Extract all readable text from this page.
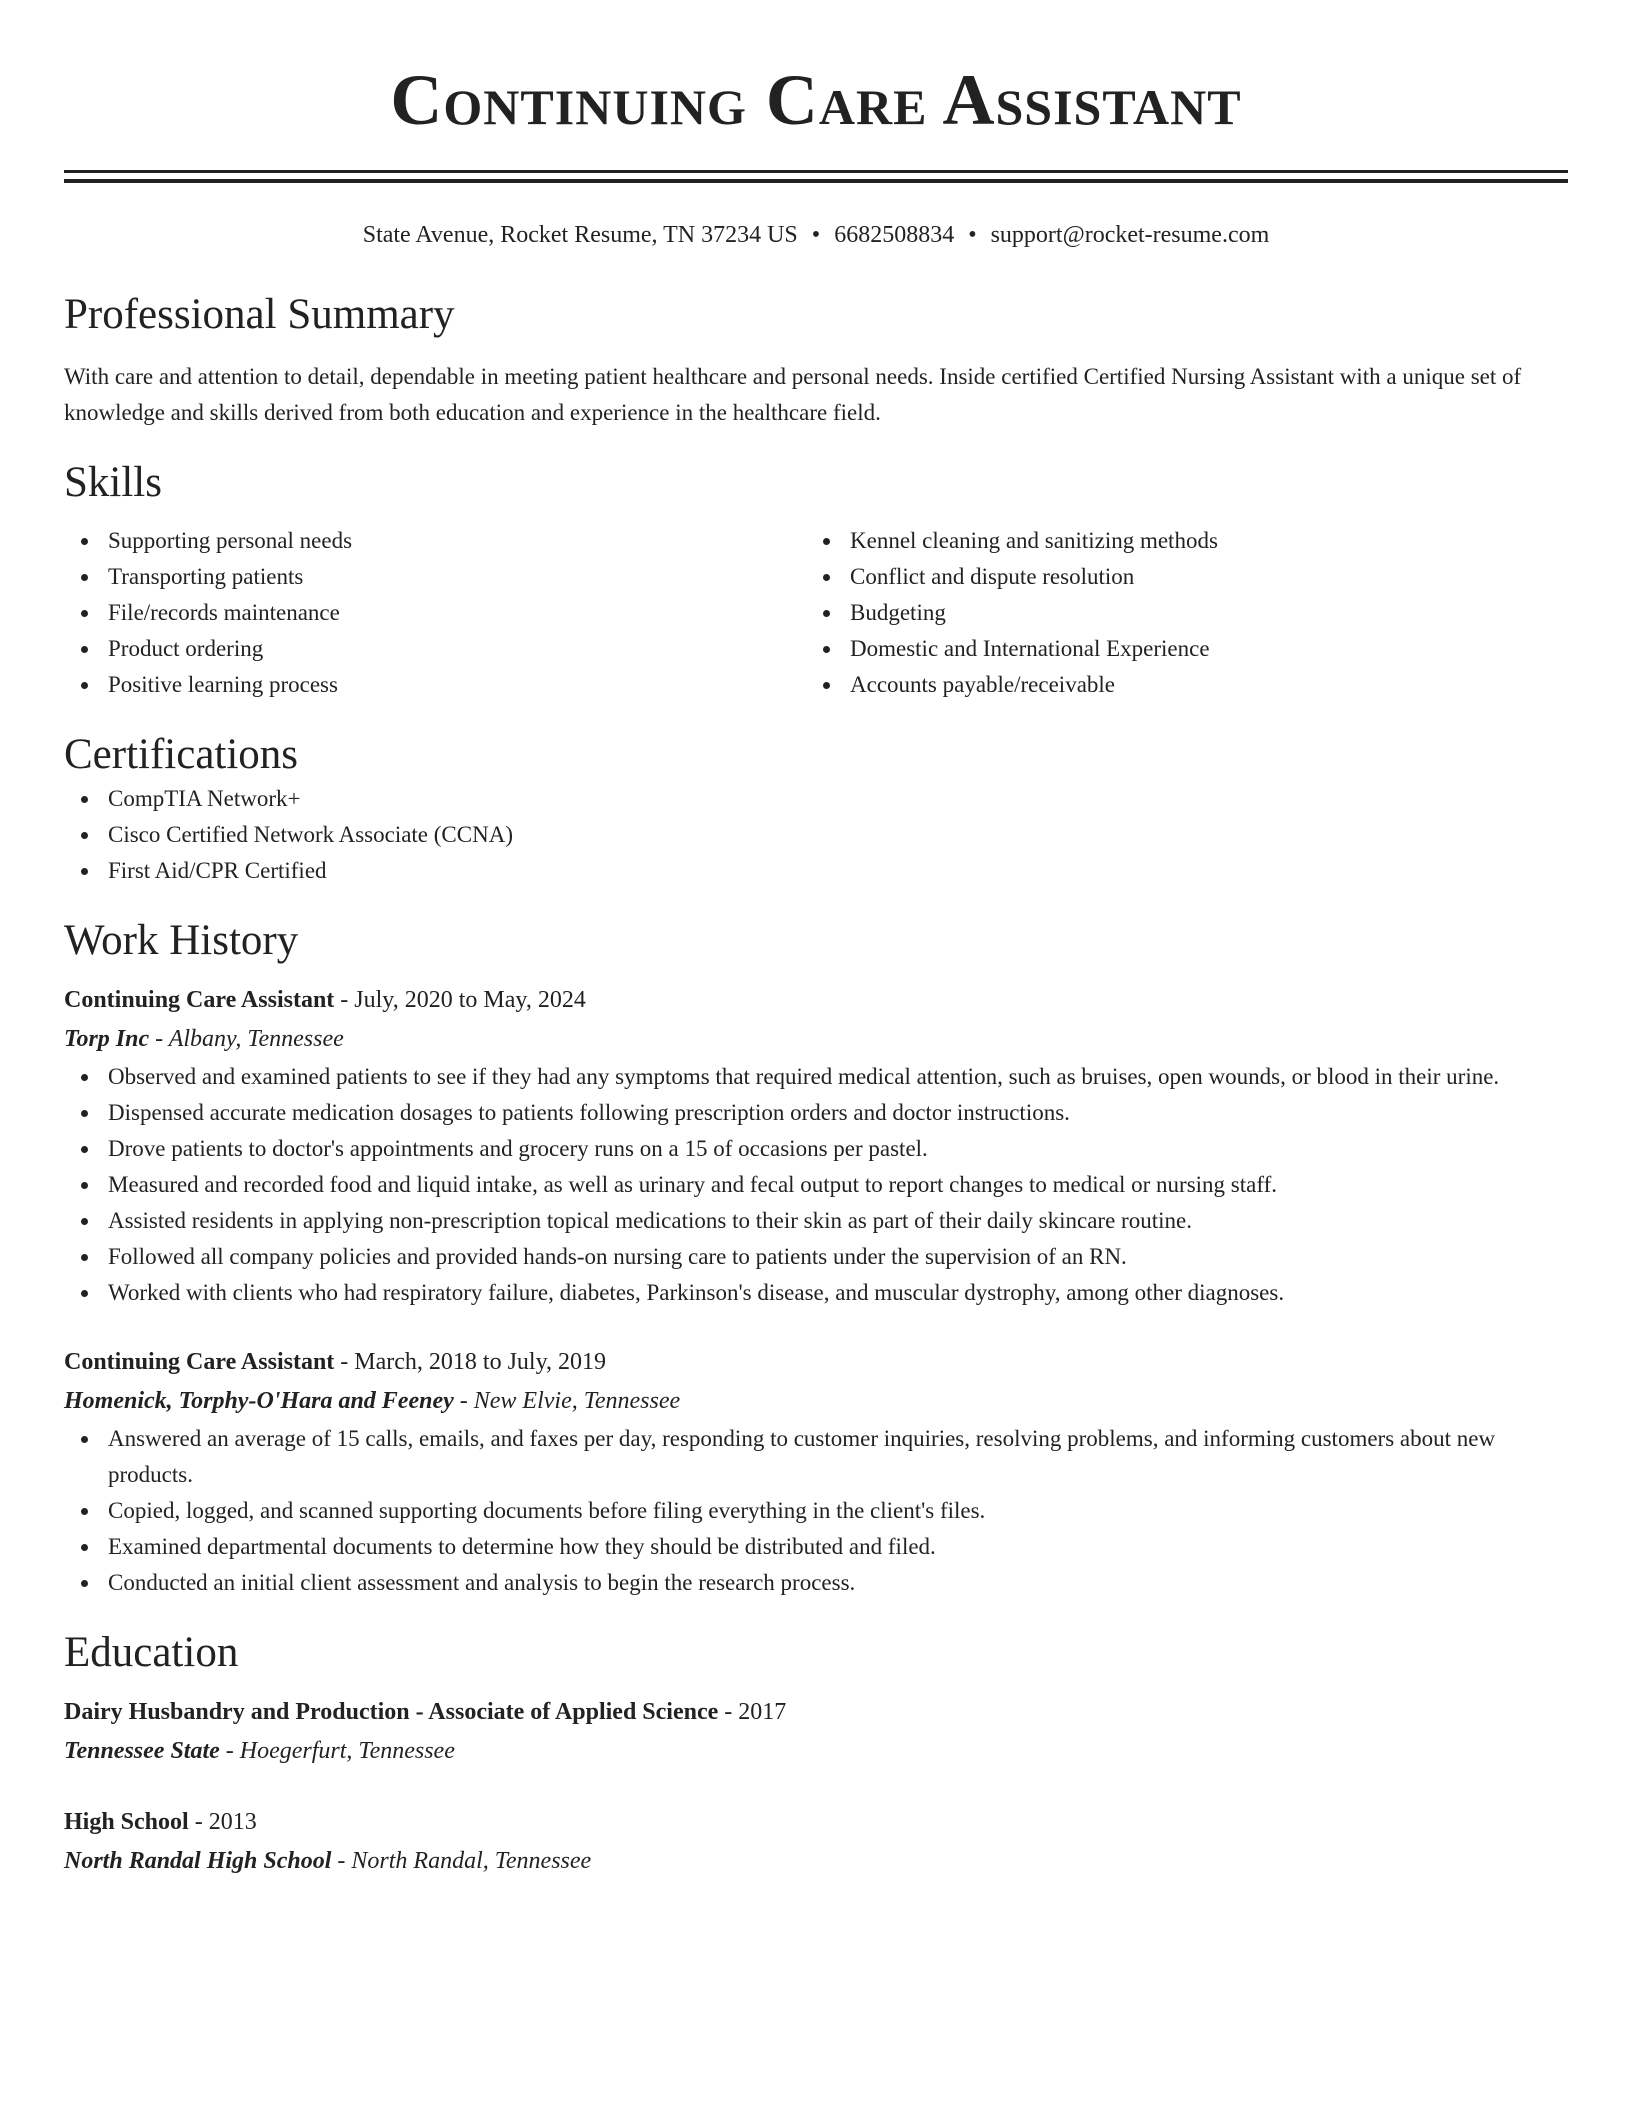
Continuing Care Assistant
State Avenue, Rocket Resume, TN 37234 US • 6682508834 • support@rocket-resume.com
Professional Summary
With care and attention to detail, dependable in meeting patient healthcare and personal needs. Inside certified Certified Nursing Assistant with a unique set of knowledge and skills derived from both education and experience in the healthcare field.
Skills
Supporting personal needs
Transporting patients
File/records maintenance
Product ordering
Positive learning process
Kennel cleaning and sanitizing methods
Conflict and dispute resolution
Budgeting
Domestic and International Experience
Accounts payable/receivable
Certifications
CompTIA Network+
Cisco Certified Network Associate (CCNA)
First Aid/CPR Certified
Work History
Continuing Care Assistant - July, 2020 to May, 2024
Torp Inc - Albany, Tennessee
Observed and examined patients to see if they had any symptoms that required medical attention, such as bruises, open wounds, or blood in their urine.
Dispensed accurate medication dosages to patients following prescription orders and doctor instructions.
Drove patients to doctor's appointments and grocery runs on a 15 of occasions per pastel.
Measured and recorded food and liquid intake, as well as urinary and fecal output to report changes to medical or nursing staff.
Assisted residents in applying non-prescription topical medications to their skin as part of their daily skincare routine.
Followed all company policies and provided hands-on nursing care to patients under the supervision of an RN.
Worked with clients who had respiratory failure, diabetes, Parkinson's disease, and muscular dystrophy, among other diagnoses.
Continuing Care Assistant - March, 2018 to July, 2019
Homenick, Torphy-O'Hara and Feeney - New Elvie, Tennessee
Answered an average of 15 calls, emails, and faxes per day, responding to customer inquiries, resolving problems, and informing customers about new products.
Copied, logged, and scanned supporting documents before filing everything in the client's files.
Examined departmental documents to determine how they should be distributed and filed.
Conducted an initial client assessment and analysis to begin the research process.
Education
Dairy Husbandry and Production - Associate of Applied Science - 2017
Tennessee State - Hoegerfurt, Tennessee
High School - 2013
North Randal High School - North Randal, Tennessee
